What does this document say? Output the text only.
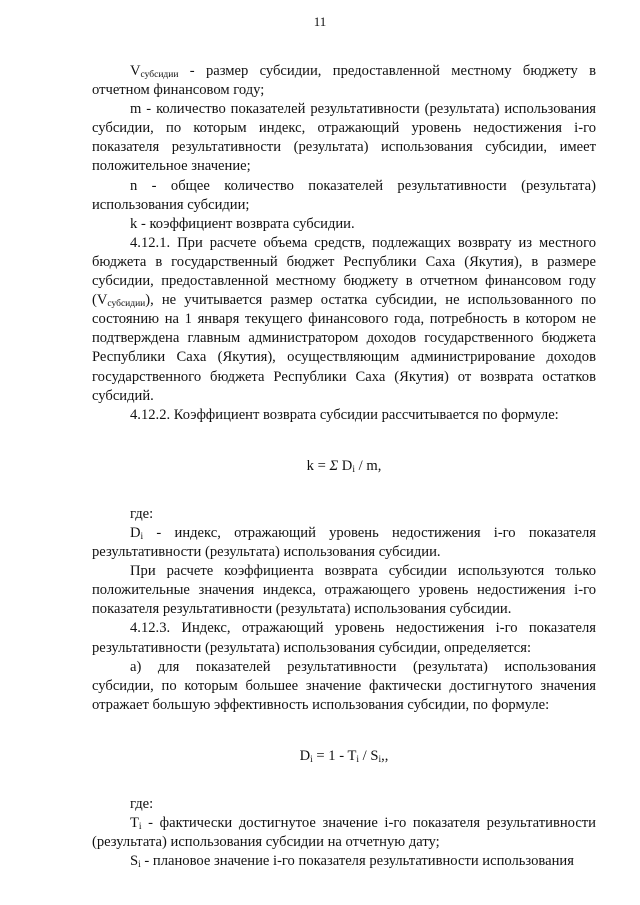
11

$V_{субсидии}$ - размер субсидии, предоставленной местному бюджету в отчетном финансовом году;

m - количество показателей результативности (результата) использования субсидии, по которым индекс, отражающий уровень недостижения i-го показателя результативности (результата) использования субсидии, имеет положительное значение;

n - общее количество показателей результативности (результата) использования субсидии;

k - коэффициент возврата субсидии.

4.12.1. При расчете объема средств, подлежащих возврату из местного бюджета в государственный бюджет Республики Саха (Якутия), в размере субсидии, предоставленной местному бюджету в отчетном финансовом году $(V_{субсидии})$, не учитывается размер остатка субсидии, не использованного по состоянию на 1 января текущего финансового года, потребность в котором не подтверждена главным администратором доходов государственного бюджета Республики Саха (Якутия), осуществляющим администрирование доходов государственного бюджета Республики Саха (Якутия) от возврата остатков субсидий.

4.12.2. Коэффициент возврата субсидии рассчитывается по формуле:

k = Σ $D_i$ / m,

где:

$D_i$ - индекс, отражающий уровень недостижения i-го показателя результативности (результата) использования субсидии.

При расчете коэффициента возврата субсидии используются только положительные значения индекса, отражающего уровень недостижения i-го показателя результативности (результата) использования субсидии.

4.12.3. Индекс, отражающий уровень недостижения i-го показателя результативности (результата) использования субсидии, определяется:

а) для показателей результативности (результата) использования субсидии, по которым большее значение фактически достигнутого значения отражает большую эффективность использования субсидии, по формуле:

$D_i = 1 - T_i / S_i$,,

где:

$T_i$ - фактически достигнутое значение i-го показателя результативности (результата) использования субсидии на отчетную дату;

$S_i$ - плановое значение i-го показателя результативности использования
